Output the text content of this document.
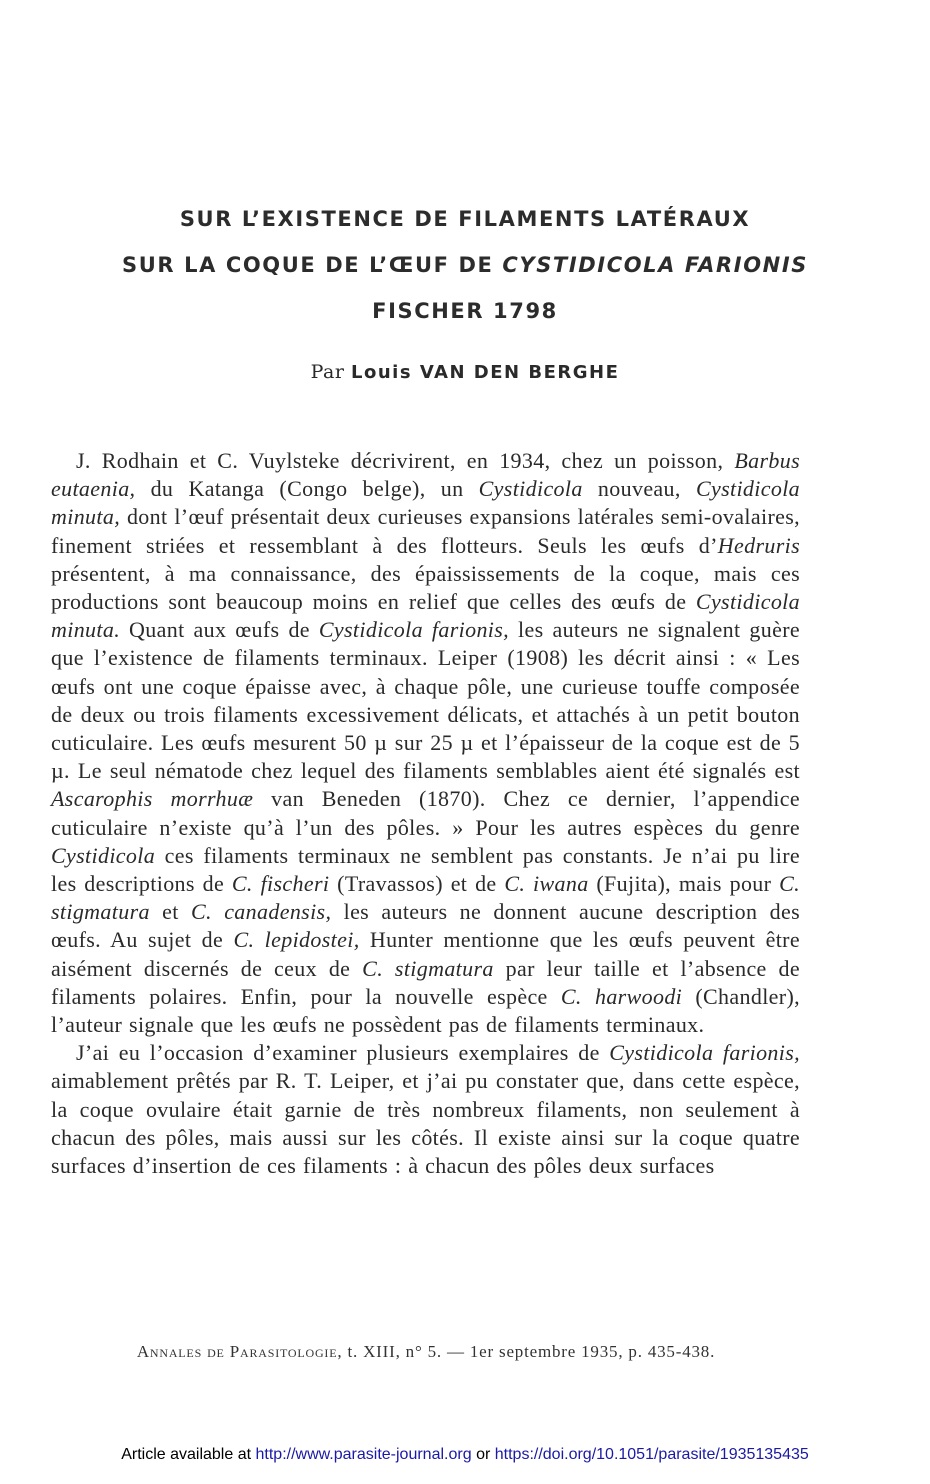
SUR L’EXISTENCE DE FILAMENTS LATÉRAUX
SUR LA COQUE DE L’ŒUF DE CYSTIDICOLA FARIONIS
FISCHER 1798
Par Louis VAN DEN BERGHE

J. Rodhain et C. Vuylsteke décrivirent, en 1934, chez un poisson, Barbus eutaenia, du Katanga (Congo belge), un Cystidicola nouveau, Cystidicola minuta, dont l’œuf présentait deux curieuses expansions latérales semi-ovalaires, finement striées et ressemblant à des flotteurs. Seuls les œufs d’Hedruris présentent, à ma connaissance, des épaississements de la coque, mais ces productions sont beaucoup moins en relief que celles des œufs de Cystidicola minuta. Quant aux œufs de Cystidicola farionis, les auteurs ne signalent guère que l’existence de filaments terminaux. Leiper (1908) les décrit ainsi : « Les œufs ont une coque épaisse avec, à chaque pôle, une curieuse touffe composée de deux ou trois filaments excessivement délicats, et attachés à un petit bouton cuticulaire. Les œufs mesurent 50 µ sur 25 µ et l’épaisseur de la coque est de 5 µ. Le seul nématode chez lequel des filaments semblables aient été signalés est Ascarophis morrhuæ van Beneden (1870). Chez ce dernier, l’appendice cuticulaire n’existe qu’à l’un des pôles. » Pour les autres espèces du genre Cystidicola ces filaments terminaux ne semblent pas constants. Je n’ai pu lire les descriptions de C. fischeri (Travassos) et de C. iwana (Fujita), mais pour C. stigmatura et C. canadensis, les auteurs ne donnent aucune description des œufs. Au sujet de C. lepidostei, Hunter mentionne que les œufs peuvent être aisément discernés de ceux de C. stigmatura par leur taille et l’absence de filaments polaires. Enfin, pour la nouvelle espèce C. harwoodi (Chandler), l’auteur signale que les œufs ne possèdent pas de filaments terminaux.

J’ai eu l’occasion d’examiner plusieurs exemplaires de Cystidicola farionis, aimablement prêtés par R. T. Leiper, et j’ai pu constater que, dans cette espèce, la coque ovulaire était garnie de très nombreux filaments, non seulement à chacun des pôles, mais aussi sur les côtés. Il existe ainsi sur la coque quatre surfaces d’insertion de ces filaments : à chacun des pôles deux surfaces

Annales de Parasitologie, t. XIII, n° 5. — 1er septembre 1935, p. 435-438.
Article available at http://www.parasite-journal.org or https://doi.org/10.1051/parasite/1935135435
